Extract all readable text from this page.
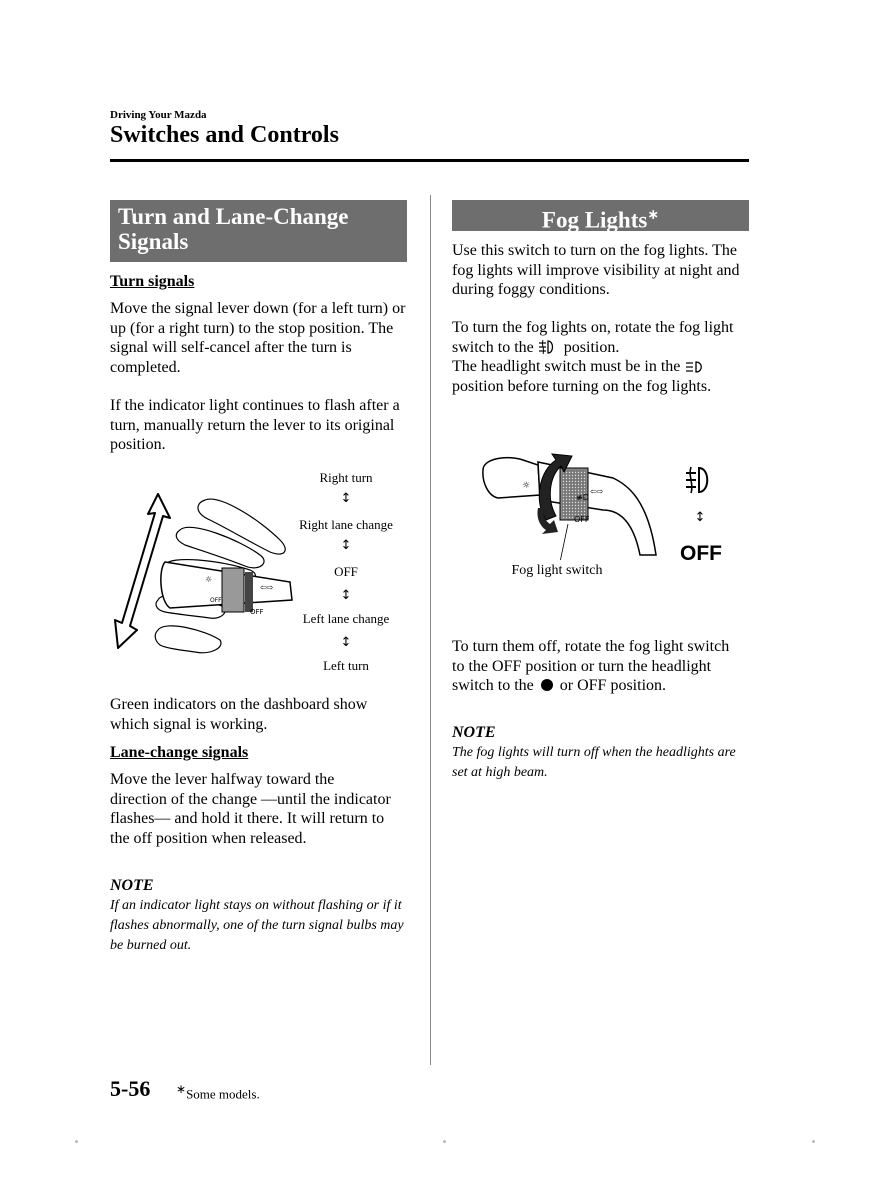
Driving Your Mazda
Switches and Controls
Turn and Lane-Change Signals
Turn signals
Move the signal lever down (for a left turn) or up (for a right turn) to the stop position. The signal will self-cancel after the turn is completed.
If the indicator light continues to flash after a turn, manually return the lever to its original position.
☼
⇦⇨
OFF
OFF
Right turn
↕
Right lane change
↕
OFF
↕
Left lane change
↕
Left turn
Green indicators on the dashboard show which signal is working.
Lane-change signals
Move the lever halfway toward the direction of the change —until the indicator flashes— and hold it there. It will return to the off position when released.
NOTE
If an indicator light stays on without flashing or if it flashes abnormally, one of the turn signal bulbs may be burned out.
Fog Lights∗
Use this switch to turn on the fog lights. The fog lights will improve visibility at night and during foggy conditions.
To turn the fog lights on, rotate the fog light switch to the position.
The headlight switch must be in the  position before turning on the fog lights.
☼
⇦⇨
≢D
OFF	↕
OFF
Fog light switch
To turn them off, rotate the fog light switch to the OFF position or turn the headlight switch to the or OFF position.
NOTE
The fog lights will turn off when the headlights are set at high beam.
5-56 ∗Some models.
